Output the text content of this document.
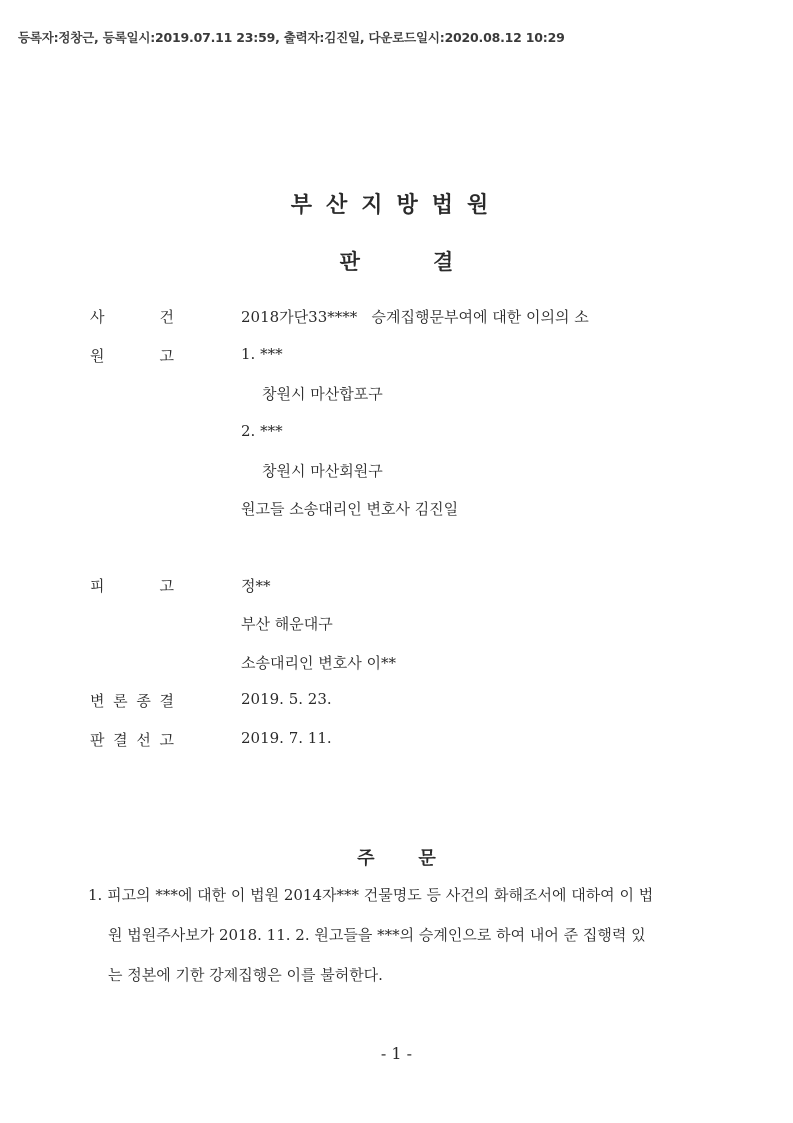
등록자:정창근, 등록일시:2019.07.11 23:59, 출력자:김진일, 다운로드일시:2020.08.12 10:29
부산지방법원
판          결
사	건	2018가단33****   승계집행문부여에 대한 이의의 소
원	고	1. ***
창원시 마산합포구
2. ***
창원시 마산회원구
원고들 소송대리인 변호사 김진일
피	고	정**
부산 해운대구
소송대리인 변호사 이**
변 론 종 결	2019. 5. 23.
판 결 선 고	2019. 7. 11.
주       문
1. 피고의 ***에 대한 이 법원 2014자*** 건물명도 등 사건의 화해조서에 대하여 이 법
원 법원주사보가 2018. 11. 2. 원고들을 ***의 승계인으로 하여 내어 준 집행력 있
는 정본에 기한 강제집행은 이를 불허한다.
- 1 -
